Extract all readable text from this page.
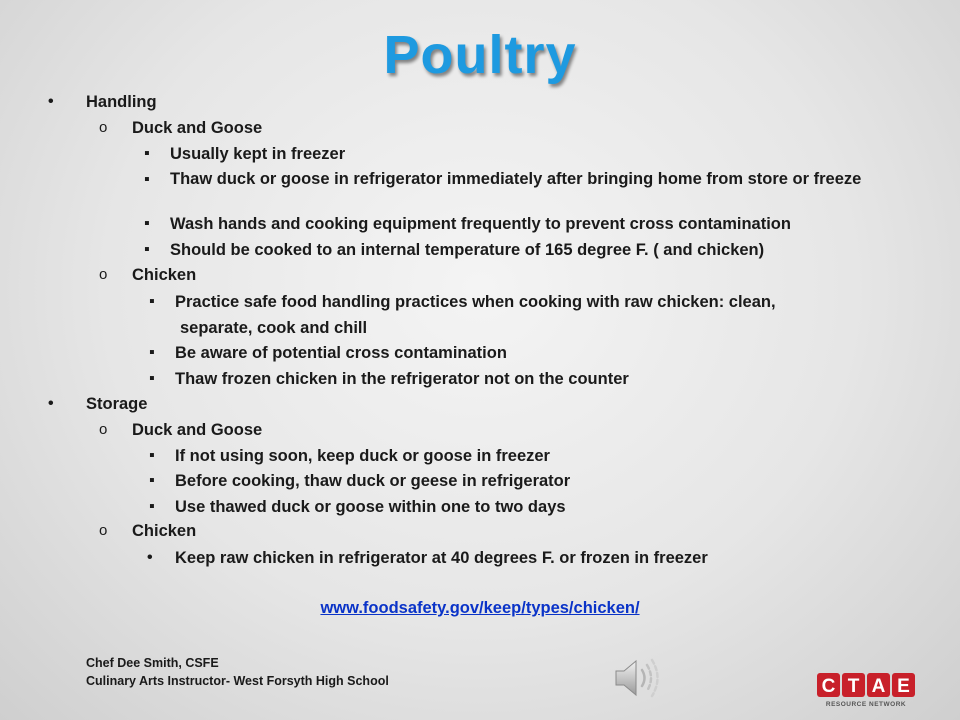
Poultry
• Handling
o Duck and Goose
▪ Usually kept in freezer
▪ Thaw duck or goose in refrigerator immediately after bringing home from store or freeze
▪ Wash hands and cooking equipment frequently to prevent cross contamination
▪ Should be cooked to an internal temperature of 165 degree F. ( and chicken)
o Chicken
▪ Practice safe food handling practices when cooking with raw chicken: clean,
separate, cook and chill
▪ Be aware of potential cross contamination
▪ Thaw frozen chicken in the refrigerator not on the counter
• Storage
o Duck and Goose
▪ If not using soon, keep duck or goose in freezer
▪ Before cooking, thaw duck or geese in refrigerator
▪ Use thawed duck or goose within one to two days
o Chicken
• Keep raw chicken in refrigerator at 40 degrees F. or frozen in freezer
www.foodsafety.gov/keep/types/chicken/
Chef Dee Smith, CSFE
Culinary Arts Instructor- West Forsyth High School	C T A E
RESOURCE NETWORK
